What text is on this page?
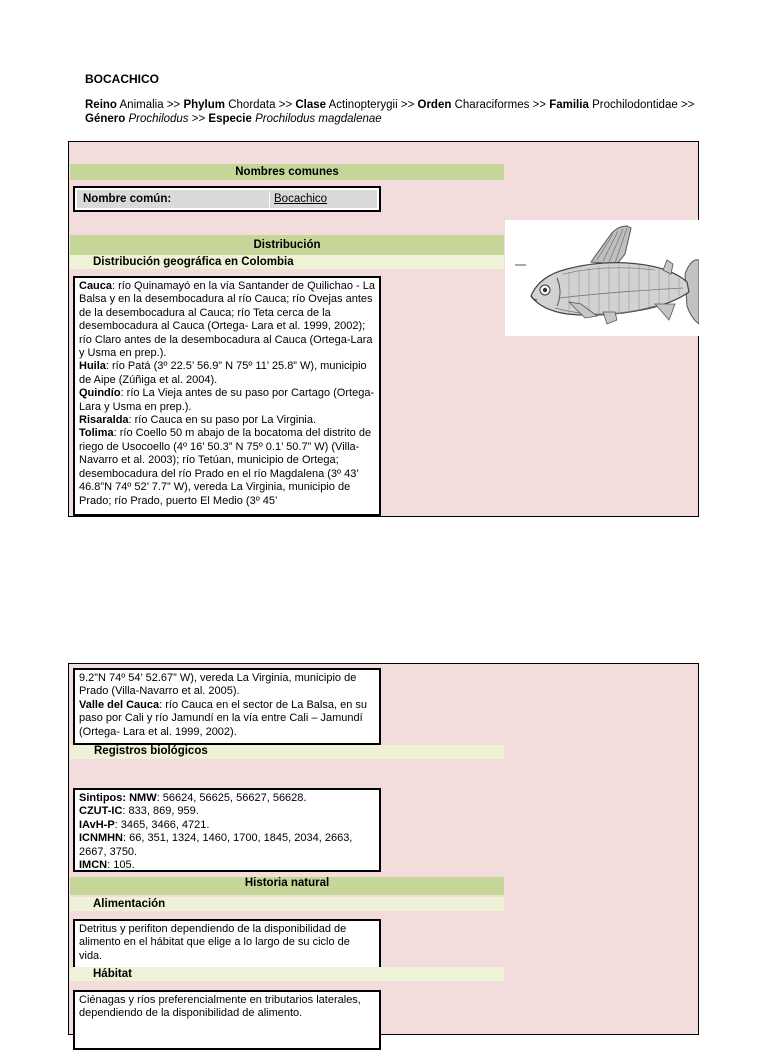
BOCACHICO
Reino Animalia >> Phylum Chordata >> Clase Actinopterygii >> Orden Characiformes >> Familia Prochilodontidae >> Género Prochilodus >> Especie Prochilodus magdalenae
Nombres comunes
Nombre común:	Bocachico
Distribución
Distribución geográfica en Colombia
Cauca: río Quinamayó en la vía Santander de Quilichao - La Balsa y en la desembocadura al río Cauca; río Ovejas antes de la desembocadura al Cauca; río Teta cerca de la desembocadura al Cauca (Ortega- Lara et al. 1999, 2002); río Claro antes de la desembocadura al Cauca (Ortega-Lara y Usma en prep.).
Huila: río Patá (3º 22.5’ 56.9” N 75º 11’ 25.8” W), municipio de Aipe (Zúñiga et al. 2004).
Quindío: río La Vieja antes de su paso por Cartago (Ortega-Lara y Usma en prep.).
Risaralda: río Cauca en su paso por La Virginia.
Tolima: río Coello 50 m abajo de la bocatoma del distrito de riego de Usocoello (4º 16’ 50.3” N 75º 0.1’ 50.7” W) (Villa-Navarro et al. 2003); río Tetúan, municipio de Ortega; desembocadura del río Prado en el río Magdalena (3º 43’ 46.8”N 74º 52’ 7.7” W), vereda La Virginia, municipio de Prado; río Prado, puerto El Medio (3º 45’

9.2”N 74º 54’ 52.67” W), vereda La Virginia, municipio de Prado (Villa-Navarro et al. 2005).
Valle del Cauca: río Cauca en el sector de La Balsa, en su paso por Cali y río Jamundí en la vía entre Cali – Jamundí (Ortega- Lara et al. 1999, 2002).

Registros biológicos
Sintipos: NMW: 56624, 56625, 56627, 56628.
CZUT-IC: 833, 869, 959.
IAvH-P: 3465, 3466, 4721.
ICNMHN: 66, 351, 1324, 1460, 1700, 1845, 2034, 2663, 2667, 3750.
IMCN: 105.

Historia natural
Alimentación
Detritus y perifiton dependiendo de la disponibilidad de alimento en el hábitat que elige a lo largo de su ciclo de vida.
Hábitat
Ciénagas y ríos preferencialmente en tributarios laterales, dependiendo de la disponibilidad de alimento.
